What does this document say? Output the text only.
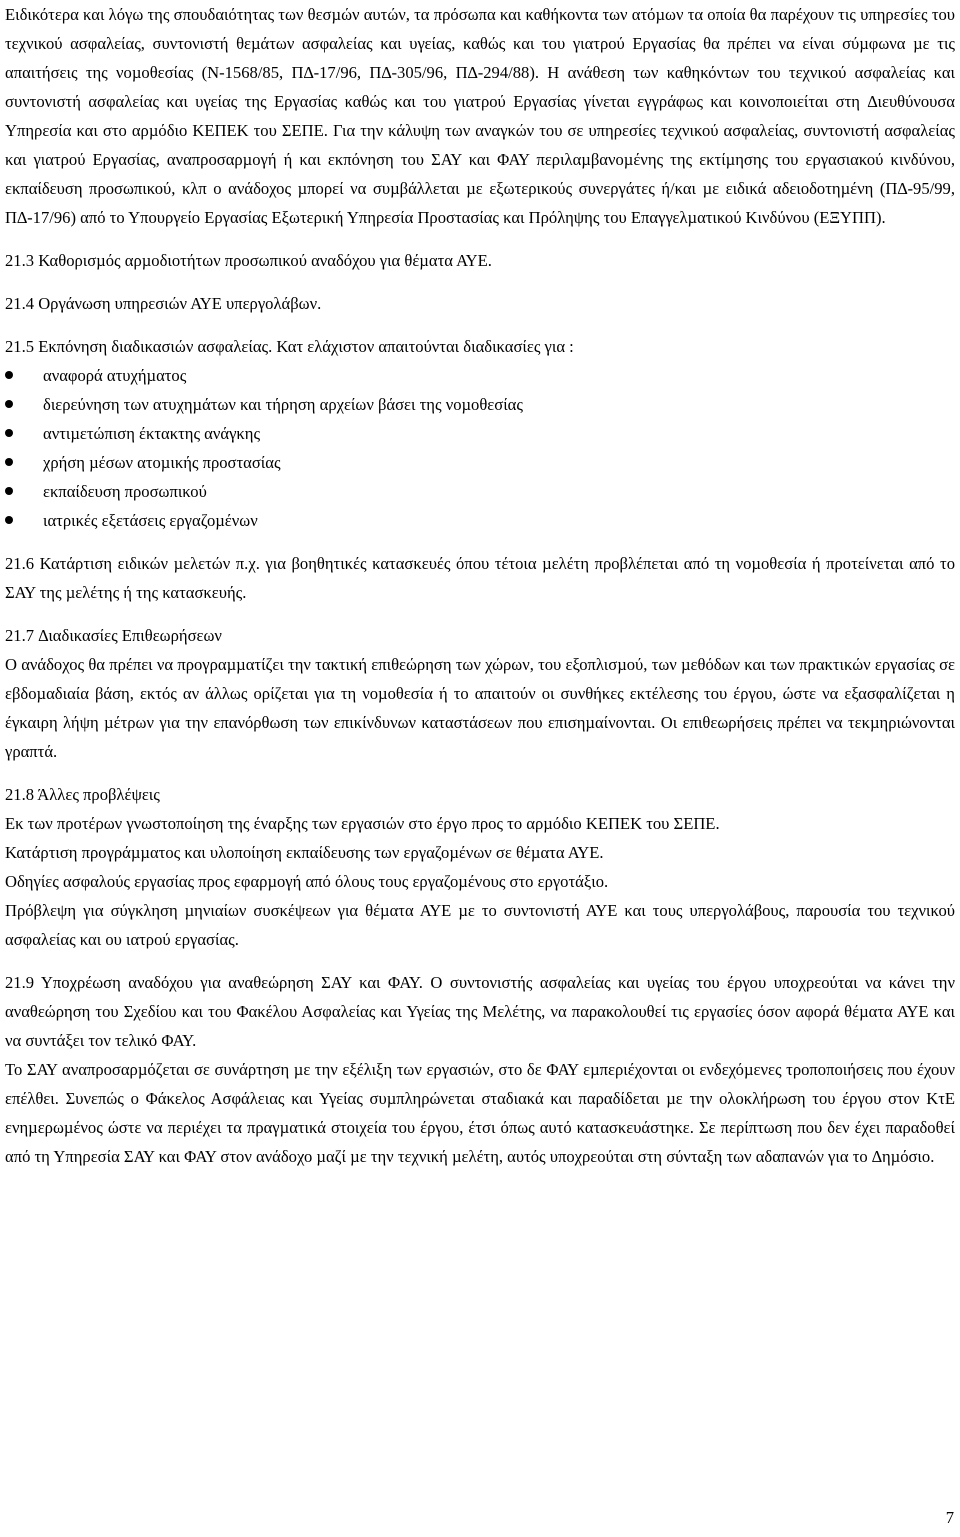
Ειδικότερα και λόγω της σπουδαιότητας των θεσµών αυτών, τα πρόσωπα και καθήκοντα των ατόµων τα οποία θα παρέχουν τις υπηρεσίες του τεχνικού ασφαλείας, συντονιστή θεµάτων ασφαλείας και υγείας, καθώς και του γιατρού Εργασίας θα πρέπει να είναι σύµφωνα µε τις απαιτήσεις της νοµοθεσίας (Ν-1568/85, Π∆-17/96, Π∆-305/96, Π∆-294/88). Η ανάθεση των καθηκόντων του τεχνικού ασφαλείας και συντονιστή ασφαλείας και υγείας της Εργασίας καθώς και του γιατρού Εργασίας γίνεται εγγράφως και κοινοποιείται στη ∆ιευθύνουσα Υπηρεσία και στο αρµόδιο ΚΕΠΕΚ του ΣΕΠΕ. Για την κάλυψη των αναγκών του σε υπηρεσίες τεχνικού ασφαλείας, συντονιστή ασφαλείας και γιατρού Εργασίας, αναπροσαρµογή ή και εκπόνηση του ΣΑΥ και ΦΑΥ περιλαµβανοµένης της εκτίµησης του εργασιακού κινδύνου, εκπαίδευση προσωπικού, κλπ ο ανάδοχος µπορεί να συµβάλλεται µε εξωτερικούς συνεργάτες ή/και µε ειδικά αδειοδοτηµένη (Π∆-95/99, Π∆-17/96) από το Υπουργείο Εργασίας Εξωτερική Υπηρεσία Προστασίας και Πρόληψης του Επαγγελµατικού Κινδύνου (ΕΞΥΠΠ).

21.3 Καθορισµός αρµοδιοτήτων προσωπικού αναδόχου για θέµατα ΑΥΕ.

21.4 Οργάνωση υπηρεσιών ΑΥΕ υπεργολάβων.

21.5 Εκπόνηση διαδικασιών ασφαλείας. Κατ ελάχιστον απαιτούνται διαδικασίες για :

αναφορά ατυχήµατος
διερεύνηση των ατυχηµάτων και τήρηση αρχείων βάσει της νοµοθεσίας
αντιµετώπιση έκτακτης ανάγκης
χρήση µέσων ατοµικής προστασίας
εκπαίδευση προσωπικού
ιατρικές εξετάσεις εργαζοµένων

21.6 Κατάρτιση ειδικών µελετών π.χ. για βοηθητικές κατασκευές όπου τέτοια µελέτη προβλέπεται από τη νοµοθεσία ή προτείνεται από το ΣΑΥ της µελέτης ή της κατασκευής.

21.7 ∆ιαδικασίες Επιθεωρήσεων

Ο ανάδοχος θα πρέπει να προγραµµατίζει την τακτική επιθεώρηση των χώρων, του εξοπλισµού, των µεθόδων και των πρακτικών εργασίας σε εβδοµαδιαία βάση, εκτός αν άλλως ορίζεται για τη νοµοθεσία ή το απαιτούν οι συνθήκες εκτέλεσης του έργου, ώστε να εξασφαλίζεται η έγκαιρη λήψη µέτρων για την επανόρθωση των επικίνδυνων καταστάσεων που επισηµαίνονται. Οι επιθεωρήσεις πρέπει να τεκµηριώνονται γραπτά.

21.8 Άλλες προβλέψεις

Εκ των προτέρων γνωστοποίηση της έναρξης των εργασιών στο έργο προς το αρµόδιο ΚΕΠΕΚ του ΣΕΠΕ.

Κατάρτιση προγράµµατος και υλοποίηση εκπαίδευσης των εργαζοµένων σε θέµατα ΑΥΕ.

Οδηγίες ασφαλούς εργασίας προς εφαρµογή από όλους τους εργαζοµένους στο εργοτάξιο.

Πρόβλεψη για σύγκληση µηνιαίων συσκέψεων για θέµατα ΑΥΕ µε το συντονιστή ΑΥΕ και τους υπεργολάβους, παρουσία του τεχνικού ασφαλείας και ου ιατρού εργασίας.

21.9 Υποχρέωση αναδόχου για αναθεώρηση ΣΑΥ και ΦΑΥ. Ο συντονιστής ασφαλείας και υγείας του έργου υποχρεούται να κάνει την αναθεώρηση του Σχεδίου και του Φακέλου Ασφαλείας και Υγείας της Μελέτης, να παρακολουθεί τις εργασίες όσον αφορά θέµατα ΑΥΕ και να συντάξει τον τελικό ΦΑΥ.

Το ΣΑΥ αναπροσαρµόζεται σε συνάρτηση µε την εξέλιξη των εργασιών, στο δε ΦΑΥ εµπεριέχονται οι ενδεχόµενες τροποποιήσεις που έχουν επέλθει. Συνεπώς ο Φάκελος Ασφάλειας και Υγείας συµπληρώνεται σταδιακά και παραδίδεται µε την ολοκλήρωση του έργου στον ΚτΕ ενηµερωµένος ώστε να περιέχει τα πραγµατικά στοιχεία του έργου, έτσι όπως αυτό κατασκευάστηκε. Σε περίπτωση που δεν έχει παραδοθεί από τη Υπηρεσία ΣΑΥ και ΦΑΥ στον ανάδοχο µαζί µε την τεχνική µελέτη, αυτός υποχρεούται στη σύνταξη των αδαπανών για το ∆ηµόσιο.

7
